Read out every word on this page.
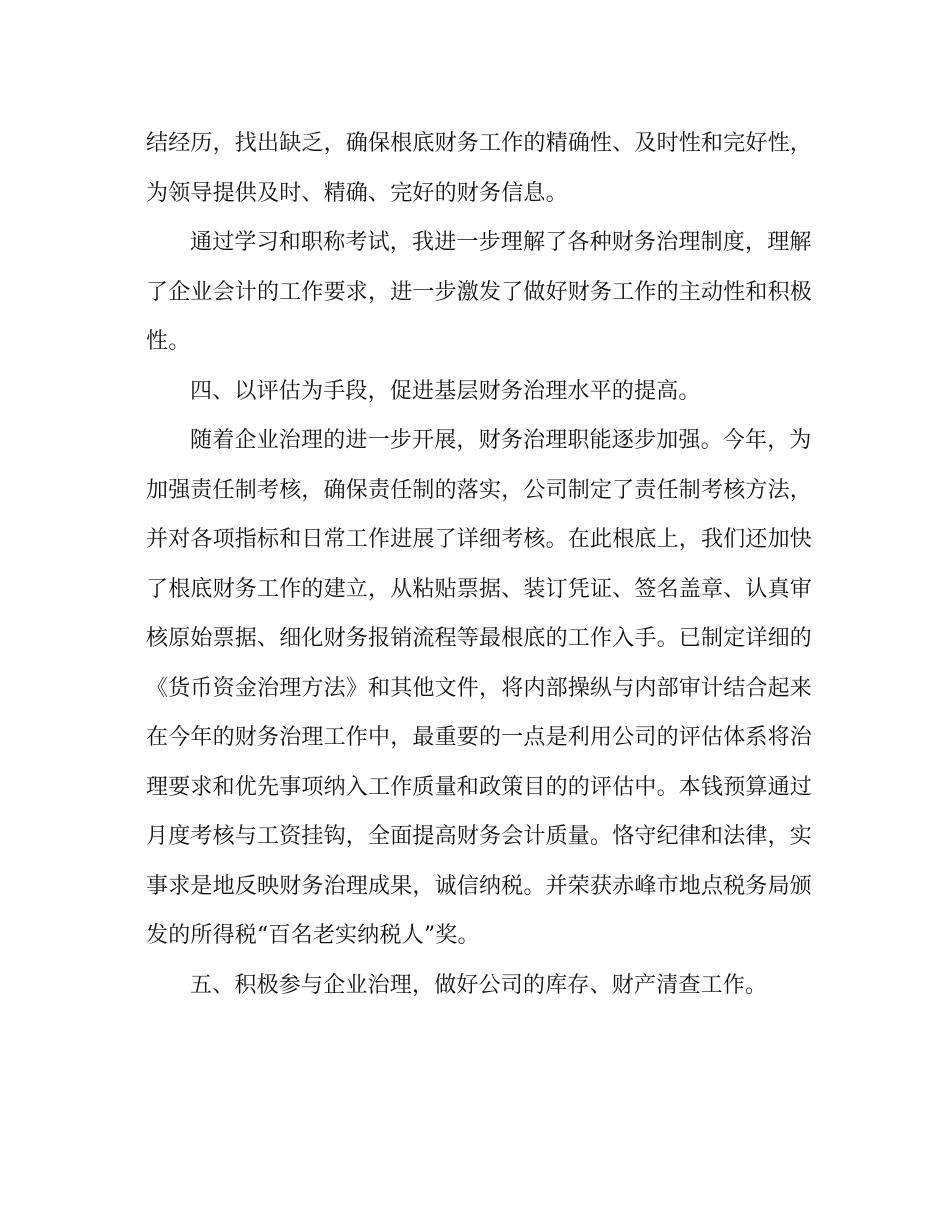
结经历，找出缺乏，确保根底财务工作的精确性、及时性和完好性，
为领导提供及时、精确、完好的财务信息。
通过学习和职称考试，我进一步理解了各种财务治理制度，理解
了企业会计的工作要求，进一步激发了做好财务工作的主动性和积极
性。
四、以评估为手段，促进基层财务治理水平的提高。
随着企业治理的进一步开展，财务治理职能逐步加强。今年，为
加强责任制考核，确保责任制的落实，公司制定了责任制考核方法，
并对各项指标和日常工作进展了详细考核。在此根底上，我们还加快
了根底财务工作的建立，从粘贴票据、装订凭证、签名盖章、认真审
核原始票据、细化财务报销流程等最根底的工作入手。已制定详细的
《货币资金治理方法》和其他文件，将内部操纵与内部审计结合起来
在今年的财务治理工作中，最重要的一点是利用公司的评估体系将治
理要求和优先事项纳入工作质量和政策目的的评估中。本钱预算通过
月度考核与工资挂钩，全面提高财务会计质量。恪守纪律和法律，实
事求是地反映财务治理成果，诚信纳税。并荣获赤峰市地点税务局颁
发的所得税“百名老实纳税人”奖。
五、积极参与企业治理，做好公司的库存、财产清查工作。
